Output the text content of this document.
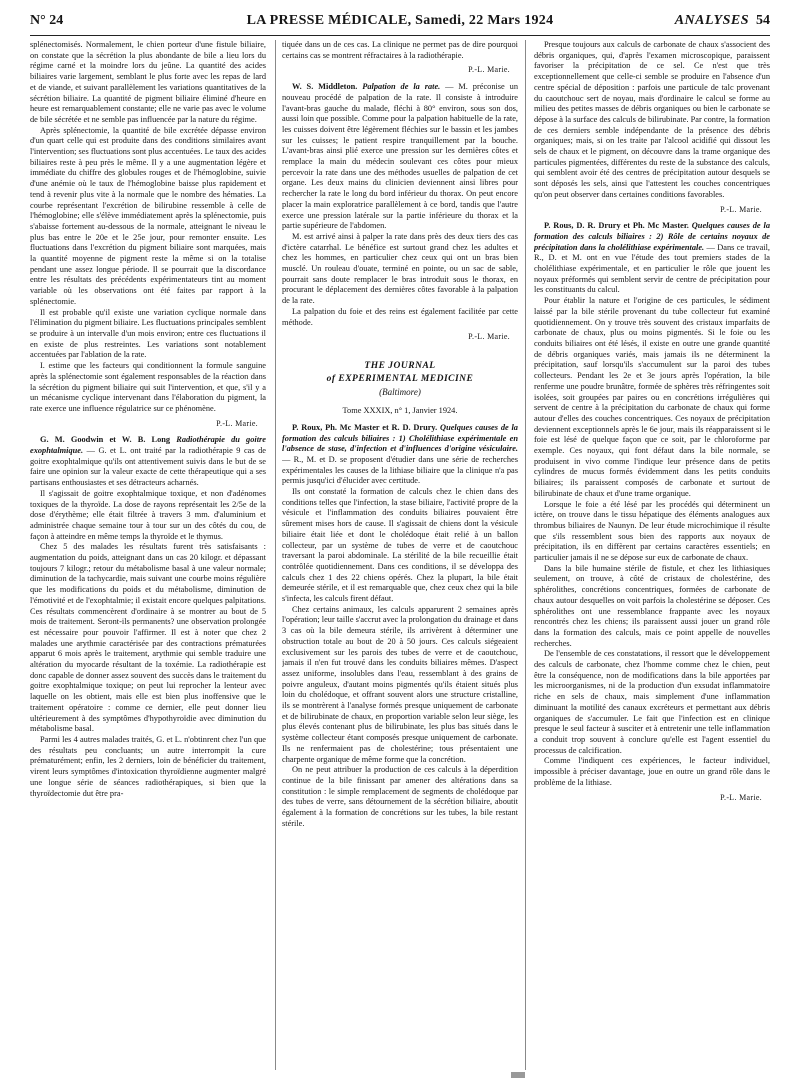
N° 24	LA PRESSE MÉDICALE, Samedi, 22 Mars 1924	ANALYSES 54

splénectomisés. Normalement, le chien porteur d'une fistule biliaire, on constate que la sécrétion la plus abondante de bile a lieu lors du régime carné et la moindre lors du jeûne. La quantité des acides biliaires varie largement, semblant le plus forte avec les repas de lard et de viande, et suivant parallèlement les variations quantitatives de la sécrétion biliaire. La quantité de pigment biliaire éliminé d'heure en heure est remarquablement constante; elle ne varie pas avec le volume de bile sécrétée et ne semble pas influencée par la nature du régime.

Après splénectomie, la quantité de bile excrétée dépasse environ d'un quart celle qui est produite dans des conditions similaires avant l'intervention; ses fluctuations sont plus accentuées. Le taux des acides biliaires reste à peu près le même. Il y a une augmentation légère et immédiate du chiffre des globules rouges et de l'hémoglobine, suivie d'une anémie où le taux de l'hémoglobine baisse plus rapidement et tend à revenir plus vite à la normale que le nombre des hématies. La courbe représentant l'excrétion de bilirubine ressemble à celle de l'hémoglobine; elle s'élève immédiatement après la splénectomie, puis s'abaisse fortement au-dessous de la normale, atteignant le niveau le plus bas entre le 20e et le 25e jour, pour remonter ensuite. Les fluctuations dans l'excrétion du pigment biliaire sont marquées, mais la quantité moyenne de pigment reste la même si on la totalise pendant une assez longue période. Il se pourrait que la discordance entre les résultats des précédents expérimentateurs tint au moment variable où les observations ont été faites par rapport à la splénectomie.

Il est probable qu'il existe une variation cyclique normale dans l'élimination du pigment biliaire. Les fluctuations principales semblent se produire à un intervalle d'un mois environ; entre ces fluctuations il en existe de plus restreintes. Les variations sont notablement accentuées par l'ablation de la rate.

I. estime que les facteurs qui conditionnent la formule sanguine après la splénectomie sont également responsables de la réaction dans la sécrétion du pigment biliaire qui suit l'intervention, et que, s'il y a un mécanisme cyclique intervenant dans l'élaboration du pigment, la rate exerce une influence régulatrice sur ce phénomène.

P.-L. Marie.

G. M. Goodwin et W. B. Long Radiothérapie du goitre exophtalmique. — G. et L. ont traité par la radiothérapie 9 cas de goitre exophtalmique qu'ils ont attentivement suivis dans le but de se faire une opinion sur la valeur exacte de cette thérapeutique qui a ses partisans enthousiastes et ses détracteurs acharnés.

Il s'agissait de goitre exophtalmique toxique, et non d'adénomes toxiques de la thyroïde. La dose de rayons représentait les 2/5e de la dose d'érythème; elle était filtrée à travers 3 mm. d'aluminium et administrée chaque semaine tour à tour sur un des côtés du cou, de façon à atteindre en même temps la thyroïde et le thymus.

Chez 5 des malades les résultats furent très satisfaisants : augmentation du poids, atteignant dans un cas 20 kilogr. et dépassant toujours 7 kilogr.; retour du métabolisme basal à une valeur normale; diminution de la tachycardie, mais suivant une courbe moins régulière que les modifications du poids et du métabolisme, diminution de l'émotivité et de l'exophtalmie; il existait encore quelques palpitations. Ces résultats commencèrent d'ordinaire à se montrer au bout de 5 mois de traitement. Seront-ils permanents? une observation prolongée est nécessaire pour pouvoir l'affirmer. Il est à noter que chez 2 malades une arythmie caractérisée par des contractions prématurées apparut 6 mois après le traitement, arythmie qui semble traduire une altération du myocarde résultant de la toxémie. La radiothérapie est donc capable de donner assez souvent des succès dans le traitement du goitre exophtalmique toxique; on peut lui reprocher la lenteur avec laquelle on les obtient, mais elle est bien plus inoffensive que le traitement opératoire : comme ce dernier, elle peut donner lieu ultérieurement à des symptômes d'hypothyroïdie avec diminution du métabolisme basal.

Parmi les 4 autres malades traités, G. et L. n'obtinrent chez l'un que des résultats peu concluants; un autre interrompit la cure prématurément; enfin, les 2 derniers, loin de bénéficier du traitement, virent leurs symptômes d'intoxication thyroïdienne augmenter malgré une longue série de séances radiothérapiques, si bien que la thyroïdectomie dut être pra-

tiquée dans un de ces cas. La clinique ne permet pas de dire pourquoi certains cas se montrent réfractaires à la radiothérapie.

P.-L. Marie.

W. S. Middleton. Palpation de la rate. — M. préconise un nouveau procédé de palpation de la rate. Il consiste à introduire l'avant-bras gauche du malade, fléchi à 80° environ, sous son dos, aussi loin que possible. Comme pour la palpation habituelle de la rate, les cuisses doivent être légèrement fléchies sur le bassin et les jambes sur les cuisses; le patient respire tranquillement par la bouche. L'avant-bras ainsi plié exerce une pression sur les dernières côtes et remplace la main du médecin soulevant ces côtes pour mieux percevoir la rate dans une des méthodes usuelles de palpation de cet organe. Les deux mains du clinicien deviennent ainsi libres pour rechercher la rate le long du bord inférieur du thorax. On peut encore placer la main exploratrice parallèlement à ce bord, tandis que l'autre exerce une pression latérale sur la partie inférieure du thorax et la partie supérieure de l'abdomen.

M. est arrivé ainsi à palper la rate dans près des deux tiers des cas d'ictère catarrhal. Le bénéfice est surtout grand chez les adultes et chez les hommes, en particulier chez ceux qui ont un bras bien musclé. Un rouleau d'ouate, terminé en pointe, ou un sac de sable, pourrait sans doute remplacer le bras introduit sous le thorax, en procurant le déplacement des dernières côtes favorable à la palpation de la rate.

La palpation du foie et des reins est également facilitée par cette méthode.

P.-L. Marie.

THE JOURNAL
of EXPERIMENTAL MEDICINE
(Baltimore)

Tome XXXIX, n° 1, Janvier 1924.

P. Roux, Ph. Mc Master et R. D. Drury. Quelques causes de la formation des calculs biliaires : 1) Cholélithiase expérimentale en l'absence de stase, d'infection et d'influences d'origine vésiculaire. — R., M. et D. se proposent d'étudier dans une série de recherches expérimentales les causes de la lithiase biliaire que la clinique n'a pas permis jusqu'ici d'élucider avec certitude.

Ils ont constaté la formation de calculs chez le chien dans des conditions telles que l'infection, la stase biliaire, l'activité propre de la vésicule et l'inflammation des conduits biliaires pouvaient être sûrement mises hors de cause. Il s'agissait de chiens dont la vésicule biliaire était liée et dont le cholédoque était relié à un ballon collecteur, par un système de tubes de verre et de caoutchouc traversant la paroi abdominale. La stérilité de la bile recueillie était contrôlée quotidiennement. Dans ces conditions, il se développa des calculs chez 1 des 22 chiens opérés. Chez la plupart, la bile était demeurée stérile, et il est remarquable que, chez ceux chez qui la bile s'infecta, les calculs firent défaut.

Chez certains animaux, les calculs apparurent 2 semaines après l'opération; leur taille s'accrut avec la prolongation du drainage et dans 3 cas où la bile demeura stérile, ils arrivèrent à déterminer une obstruction totale au bout de 20 à 50 jours. Ces calculs siégeaient exclusivement sur les parois des tubes de verre et de caoutchouc, jamais il n'en fut trouvé dans les conduits biliaires mêmes. D'aspect assez uniforme, insolubles dans l'eau, ressemblant à des grains de poivre anguleux, d'autant moins pigmentés qu'ils étaient situés plus loin du cholédoque, et offrant souvent alors une structure cristalline, ils se montrèrent à l'analyse formés presque uniquement de carbonate et de bilirubinate de chaux, en proportion variable selon leur siège, les plus élevés contenant plus de bilirubinate, les plus bas situés dans le système collecteur étant composés presque uniquement de carbonate. Ils ne renfermaient pas de cholestérine; tous présentaient une charpente organique de même forme que la concrétion.

On ne peut attribuer la production de ces calculs à la déperdition continue de la bile finissant par amener des altérations dans sa constitution : le simple remplacement de segments de cholédoque par des tubes de verre, sans détournement de la sécrétion biliaire, aboutit également à la formation de concrétions sur les tubes, la bile restant stérile.

Presque toujours aux calculs de carbonate de chaux s'associent des débris organiques, qui, d'après l'examen microscopique, paraissent favoriser la précipitation de ce sel. Ce n'est que très exceptionnellement que celle-ci semble se produire en l'absence d'un centre spécial de déposition : parfois une particule de talc provenant du caoutchouc sert de noyau, mais d'ordinaire le calcul se forme au milieu des petites masses de débris organiques ou bien le carbonate se dépose à la surface des calculs de bilirubinate. Par contre, la formation de ces derniers semble indépendante de la présence des débris organiques; mais, si on les traite par l'alcool acidifié qui dissout les sels de chaux et le pigment, on découvre dans la trame organique des particules pigmentées, différentes du reste de la substance des calculs, qui semblent avoir été des centres de précipitation autour desquels se sont déposés les sels, ainsi que l'attestent les couches concentriques qu'on peut observer dans certaines conditions favorables.

P.-L. Marie.

P. Rous, D. R. Drury et Ph. Mc Master. Quelques causes de la formation des calculs biliaires : 2) Rôle de certains noyaux de précipitation dans la cholélithiase expérimentale. — Dans ce travail, R., D. et M. ont en vue l'étude des tout premiers stades de la cholélithiase expérimentale, et en particulier le rôle que jouent les noyaux préformés qui semblent servir de centre de précipitation pour les constituants du calcul.

Pour établir la nature et l'origine de ces particules, le sédiment laissé par la bile stérile provenant du tube collecteur fut examiné quotidiennement. On y trouve très souvent des cristaux imparfaits de carbonate de chaux, plus ou moins pigmentés. Si le foie ou les conduits biliaires ont été lésés, il existe en outre une grande quantité de débris organiques variés, mais jamais ils ne déterminent la précipitation, sauf lorsqu'ils s'accumulent sur la paroi des tubes collecteurs. Pendant les 2e et 3e jours après l'opération, la bile renferme une poudre brunâtre, formée de sphères très réfringentes soit isolées, soit groupées par paires ou en concrétions irrégulières qui servent de centre à la précipitation du carbonate de chaux qui forme autour d'elles des couches concentriques. Ces noyaux de précipitation deviennent exceptionnels après le 6e jour, mais ils réapparaissent si le foie est lésé de quelque façon que ce soit, par le chloroforme par exemple. Ces noyaux, qui font défaut dans la bile normale, se produisent in vivo comme l'indique leur présence dans de petits cylindres de mucus formés évidemment dans les petits conduits biliaires; ils paraissent composés de carbonate et surtout de bilirubinate de chaux et d'une trame organique.

Lorsque le foie a été lésé par les procédés qui déterminent un ictère, on trouve dans le tissu hépatique des éléments analogues aux thrombus biliaires de Naunyn. De leur étude microchimique il résulte que s'ils ressemblent sous bien des rapports aux noyaux de précipitation, ils en diffèrent par certains caractères essentiels; en particulier jamais il ne se dépose sur eux de carbonate de chaux.

Dans la bile humaine stérile de fistule, et chez les lithiasiques seulement, on trouve, à côté de cristaux de cholestérine, des sphérolithes, concrétions concentriques, formées de carbonate de chaux autour desquelles on voit parfois la cholestérine se déposer. Ces sphérolithes ont une ressemblance frappante avec les noyaux rencontrés chez les chiens; ils paraissent aussi jouer un grand rôle dans la formation des calculs, mais ce point appelle de nouvelles recherches.

De l'ensemble de ces constatations, il ressort que le développement des calculs de carbonate, chez l'homme comme chez le chien, peut être la conséquence, non de modifications dans la bile apportées par les microorganismes, ni de la production d'un exsudat inflammatoire riche en sels de chaux, mais simplement d'une inflammation diminuant la motilité des canaux excréteurs et permettant aux débris organiques de s'accumuler. Le fait que l'infection est en clinique presque le seul facteur à susciter et à entretenir une telle inflammation a conduit trop souvent à conclure qu'elle est l'agent essentiel du processus de calcification.

Comme l'indiquent ces expériences, le facteur individuel, impossible à préciser davantage, joue en outre un grand rôle dans le problème de la lithiase.

P.-L. Marie.
